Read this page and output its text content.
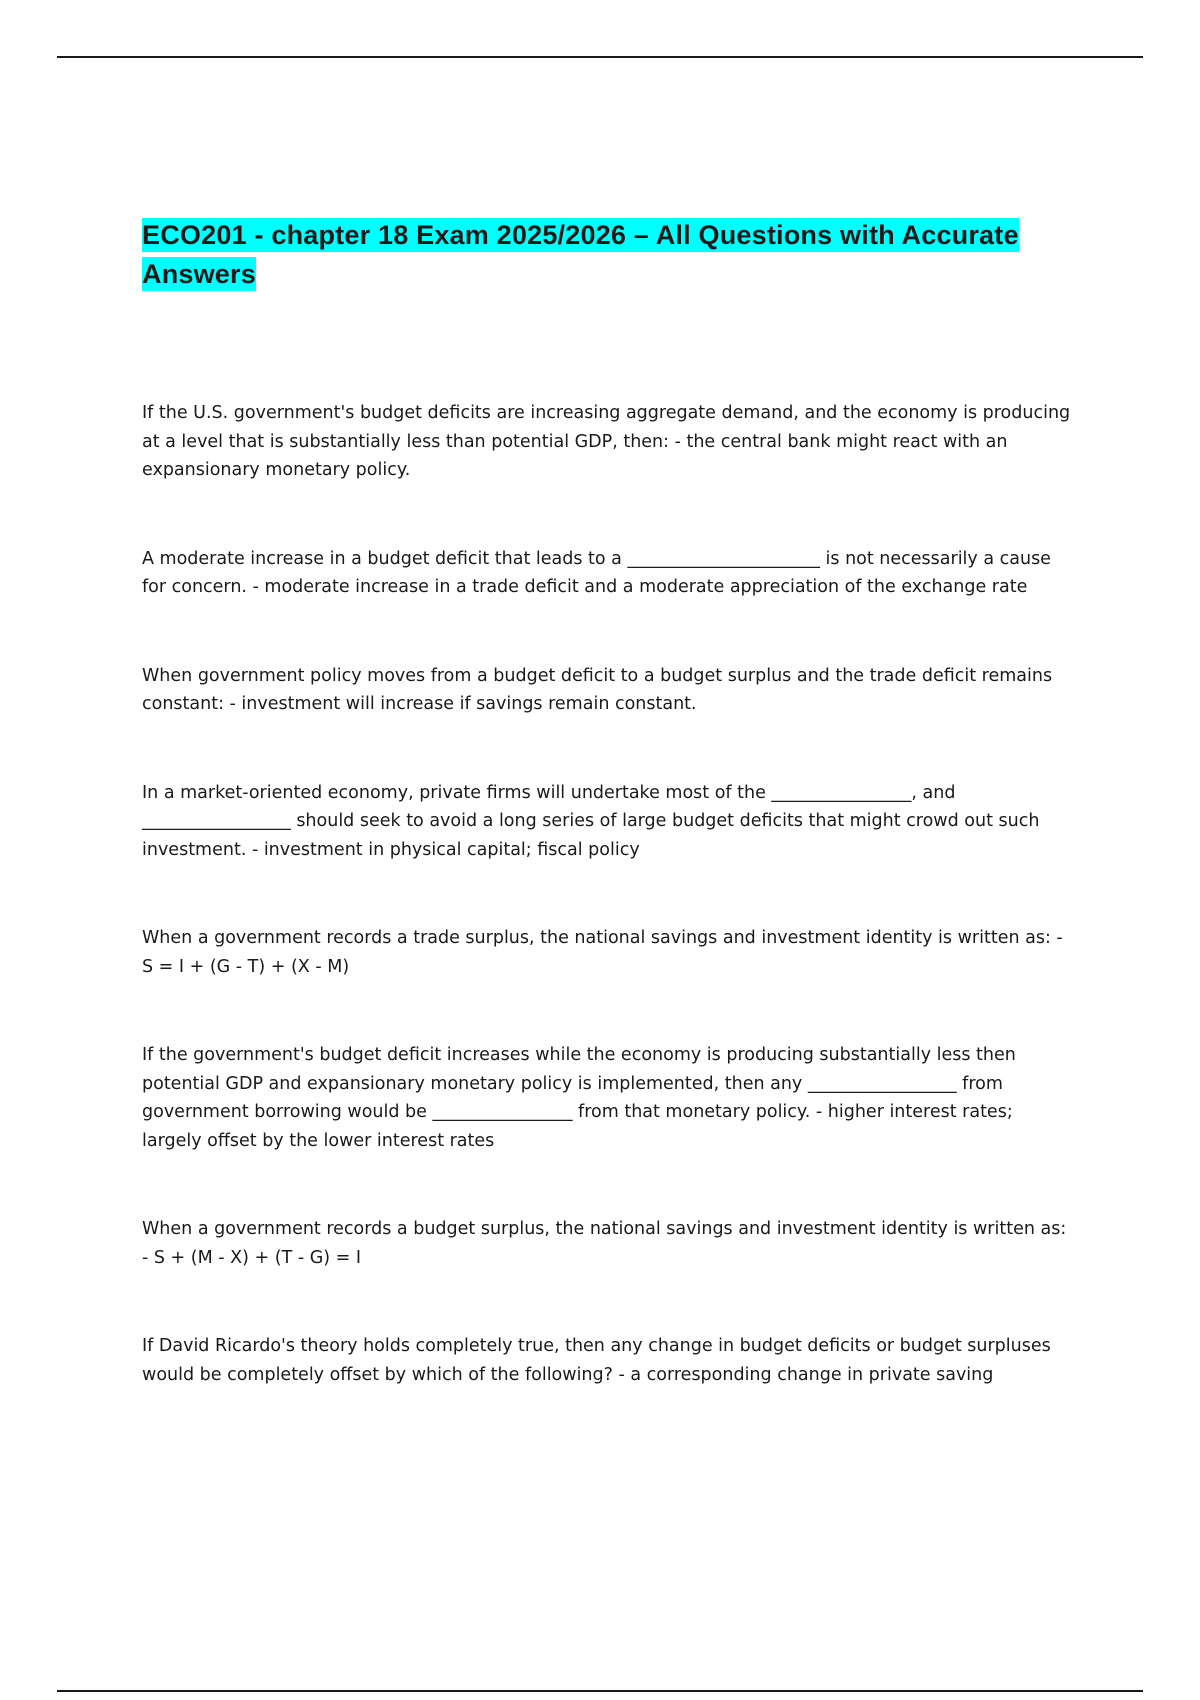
ECO201 - chapter 18 Exam 2025/2026 – All Questions with Accurate Answers

If the U.S. government's budget deficits are increasing aggregate demand, and the economy is producing at a level that is substantially less than potential GDP, then: - the central bank might react with an expansionary monetary policy.

A moderate increase in a budget deficit that leads to a ______________________ is not necessarily a cause for concern. - moderate increase in a trade deficit and a moderate appreciation of the exchange rate

When government policy moves from a budget deficit to a budget surplus and the trade deficit remains constant: - investment will increase if savings remain constant.

In a market-oriented economy, private firms will undertake most of the ________________, and _________________ should seek to avoid a long series of large budget deficits that might crowd out such investment. - investment in physical capital; fiscal policy

When a government records a trade surplus, the national savings and investment identity is written as: - S = I + (G - T) + (X - M)

If the government's budget deficit increases while the economy is producing substantially less then potential GDP and expansionary monetary policy is implemented, then any _________________ from government borrowing would be ________________ from that monetary policy. - higher interest rates; largely offset by the lower interest rates

When a government records a budget surplus, the national savings and investment identity is written as: - S + (M - X) + (T - G) = I

If David Ricardo's theory holds completely true, then any change in budget deficits or budget surpluses would be completely offset by which of the following? - a corresponding change in private saving
